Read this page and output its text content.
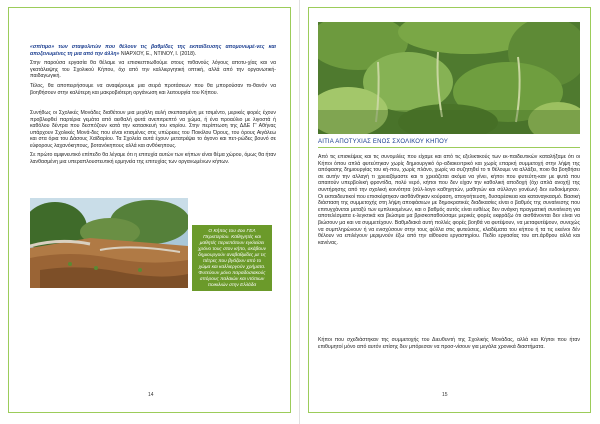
«σπίτιμο» των σταφυλιτών που θέλουν τις βαθμίδες της εκπαίδευσης απομονωμέ-νες και αποξενωμένες τη μια από την άλλη» ΝΙΑΡΧΟΥ, Ε., ΝΤΙΝΟΥ, Ι. (2018).

Στην παρούσα εργασία θα θέλαμε να επισκεπτιωθούμε στους πιθανούς λόγους αποτυ-χίας και να γκατάλειψης του Σχολικού Κήπου, όχι από την καλλιεργητική οπτική, αλλά από την οργανωτική-παιδαγωγική.

Τέλος, θα αποπειρήσουμε να αναφέρουμε μια σειρά προτάσεων που θα μπορούσαν πι-θανόν να βοηθήσουν στην καλύτερη και μακροβιότερη οργάνωση και λειτουργία του Κήπου.

Συνήθως οι Σχολικές Μονάδες διαθέτουν μια μεγάλη αυλή σκεπασμένη με τσιμέντο, μερικές φορές έχουν προβλεφθεί παρτέρια γεμάτα από αειθαλή φυτά ανεπιτρεπτό να χώμα, ή ένα προαύλιο με λιγοστά ή καθόλου δέντρα που δεσπόζουν κατά την κατασκευή του κτιρίου. Στην περίπτωση της ΔΔΕ Γ' Αθήνας υπάρχουν Σχολικές Μονά-δες που είναι κτισμένες στις υπώρειες του Ποικίλου Όρους, του όρους Αιγάλεω και στα όρια του Δάσους Χαϊδαρίου. Τα Σχολεία αυτά έχουν μετατρέψει το άγονο και πετ-ρώδες βουνό σε εύφορους λαχανόκηπους, βοτανόκηπους αλλά και ανθόκηπους.

Σε πρώτο αμφινευτικό επίπεδο θα λέγαμε ότι η επιτυχία αυτών των κήπων είναι θέμα χώρου, όμως θα ήταν λανθασμένη μια υπεραπλουστευτική ερμηνεία της επιτυχίας των οργανωμένων κήπων.

Ο Κήπος του 4ου ΓΕΛ Περιστερίου. Καθηγητές και μαθητές περιεπάτουν εγκλείσει χρόνο τους στον κήπο, σκάβουν δημιουργούν αναβαθμίδες με τις πέτρες που βγάζουν από το χώμα και καλλιεργούν χρήματα. Φυτεύουν μόνο παραδοσιακούς σπόρους παλαιών και ντόπιων ποικιλιών στην Ελλάδα
14
ΑΙΤΙΑ ΑΠΟΤΥΧΙΑΣ ΕΝΟΣ ΣΧΟΛΙΚΟΥ ΚΗΠΟΥ

Από τις επισκέψεις και τις συνομιλίες που είχαμε και από τις εξελικτικούς των εκ-παιδευτικών καταλήξαμε ότι οι Κήποι όπου απλά φυτεύτηκαν χωρίς δημιουργικό όρ-αδιακεντρικό και χωρίς επαρκή συμμετοχή στην λήψη της απόφασης δημιουργίας του κή-που, χωρίς πλάνο, χωρίς να συζητηθεί το τι θέλουμε να αλλάξει, ποιο θα βοηθήσει σε αυτήν την αλλαγή τι χρειαζόμαστε και τι χρειάζεται ακόμα να γίνει, κήποι που φυτεύτη-καν με φυτά που απαιτούν υπερβολική φροντίδα, πολύ νερό, κήποι που δεν είχαν την καθολική αποδοχή (όχι απλά ανοχή) της συντήρησης από την σχολική κοινότητα (σύλ-λογο καθηγητών, μαθητών και σύλλογο γονέων) δεν ευδοκίμησαν. Οι εκπαιδευτικοί που επισκέφτηκαν αισθάνθηκαν κούραση, απογοήτευση, δυσαρέσκεια και καταναγκασμό. Βασική διάσταση της συμμετοχής στη λήψη αποφάσεων με δημοκρατικές διαδικασίες είναι ο βαθμός της συναίνεσης που επιτυγχάνεται μεταξύ των εμπλεκομένων, και ο βαθμός αυτός είναι ευθέως δεν ανάγκη πραγματική συναίνεση για αποτελέσματα ε-λεγκτικά και βιώσιμα μα βρισκοπαθούσαμε μερικές φορές εκφράζω ότι αισθάνονται δεν είναι να βιώσουν μα και να συμμετέχουν. Βαθμιδιακά αυτή πολλές φορές βοηθά να φυτέψουν, να μεταφυτέψουν, συνεχώς να συμπληρώνουν ή να ενισχύσουν στην τους φύλλα στις φυτεύσεις, κλαδέματα του κήπου ή τα τις εκείνοι δέν θέλουν να επιλέγουν μεριμνούν έξω από την αίθουσα εργαστηρίου. Πεδίο εργασίας του απ.άρθρου αλλά και κανένας.

Κήποι που σχεδιάστηκαν της συμμετοχής του Διευθυντή της Σχολικής Μονάδας, αλλά και Κήποι που ήταν επιθυμητοί μόνο από αυτόν επίσης δεν μπόρεσαν να προσ-νίσουν για μεγάλα χρονικά διαστήματα.

15
